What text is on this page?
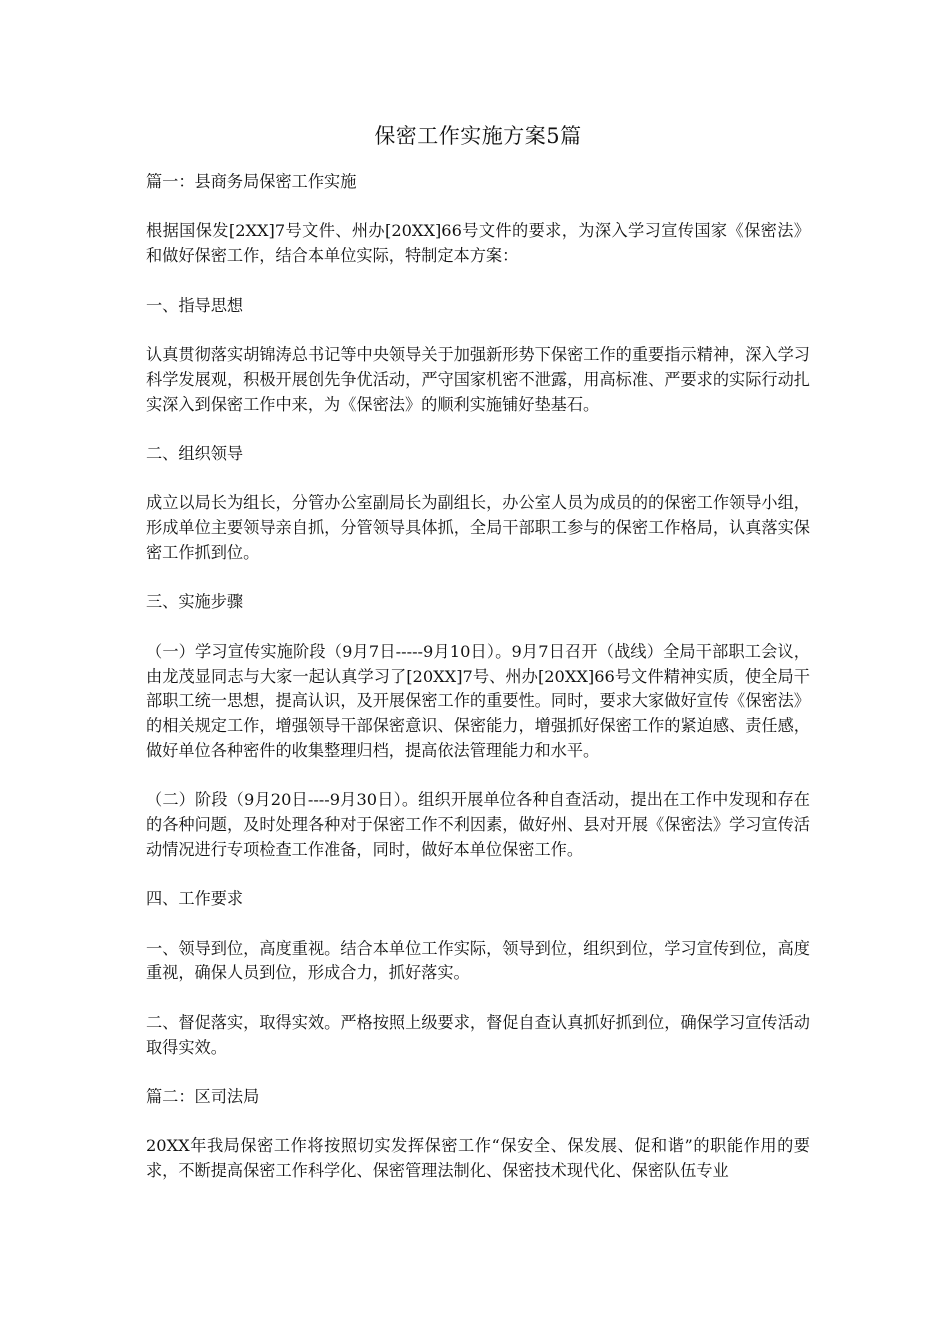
保密工作实施方案5篇

篇一：县商务局保密工作实施

根据国保发[2XX]7号文件、州办[20XX]66号文件的要求，为深入学习宣传国家《保密法》和做好保密工作，结合本单位实际，特制定本方案：

一、指导思想

认真贯彻落实胡锦涛总书记等中央领导关于加强新形势下保密工作的重要指示精神，深入学习科学发展观，积极开展创先争优活动，严守国家机密不泄露，用高标准、严要求的实际行动扎实深入到保密工作中来，为《保密法》的顺利实施铺好垫基石。

二、组织领导

成立以局长为组长，分管办公室副局长为副组长，办公室人员为成员的的保密工作领导小组，形成单位主要领导亲自抓，分管领导具体抓，全局干部职工参与的保密工作格局，认真落实保密工作抓到位。

三、实施步骤

（一）学习宣传实施阶段（9月7日-----9月10日）。9月7日召开（战线）全局干部职工会议，由龙茂显同志与大家一起认真学习了[20XX]7号、州办[20XX]66号文件精神实质，使全局干部职工统一思想，提高认识，及开展保密工作的重要性。同时，要求大家做好宣传《保密法》的相关规定工作，增强领导干部保密意识、保密能力，增强抓好保密工作的紧迫感、责任感，做好单位各种密件的收集整理归档，提高依法管理能力和水平。

（二）阶段（9月20日----9月30日）。组织开展单位各种自查活动，提出在工作中发现和存在的各种问题，及时处理各种对于保密工作不利因素，做好州、县对开展《保密法》学习宣传活动情况进行专项检查工作准备，同时，做好本单位保密工作。

四、工作要求

一、领导到位，高度重视。结合本单位工作实际，领导到位，组织到位，学习宣传到位，高度重视，确保人员到位，形成合力，抓好落实。

二、督促落实，取得实效。严格按照上级要求，督促自查认真抓好抓到位，确保学习宣传活动取得实效。

篇二：区司法局

20XX年我局保密工作将按照切实发挥保密工作“保安全、保发展、促和谐”的职能作用的要求，不断提高保密工作科学化、保密管理法制化、保密技术现代化、保密队伍专业
